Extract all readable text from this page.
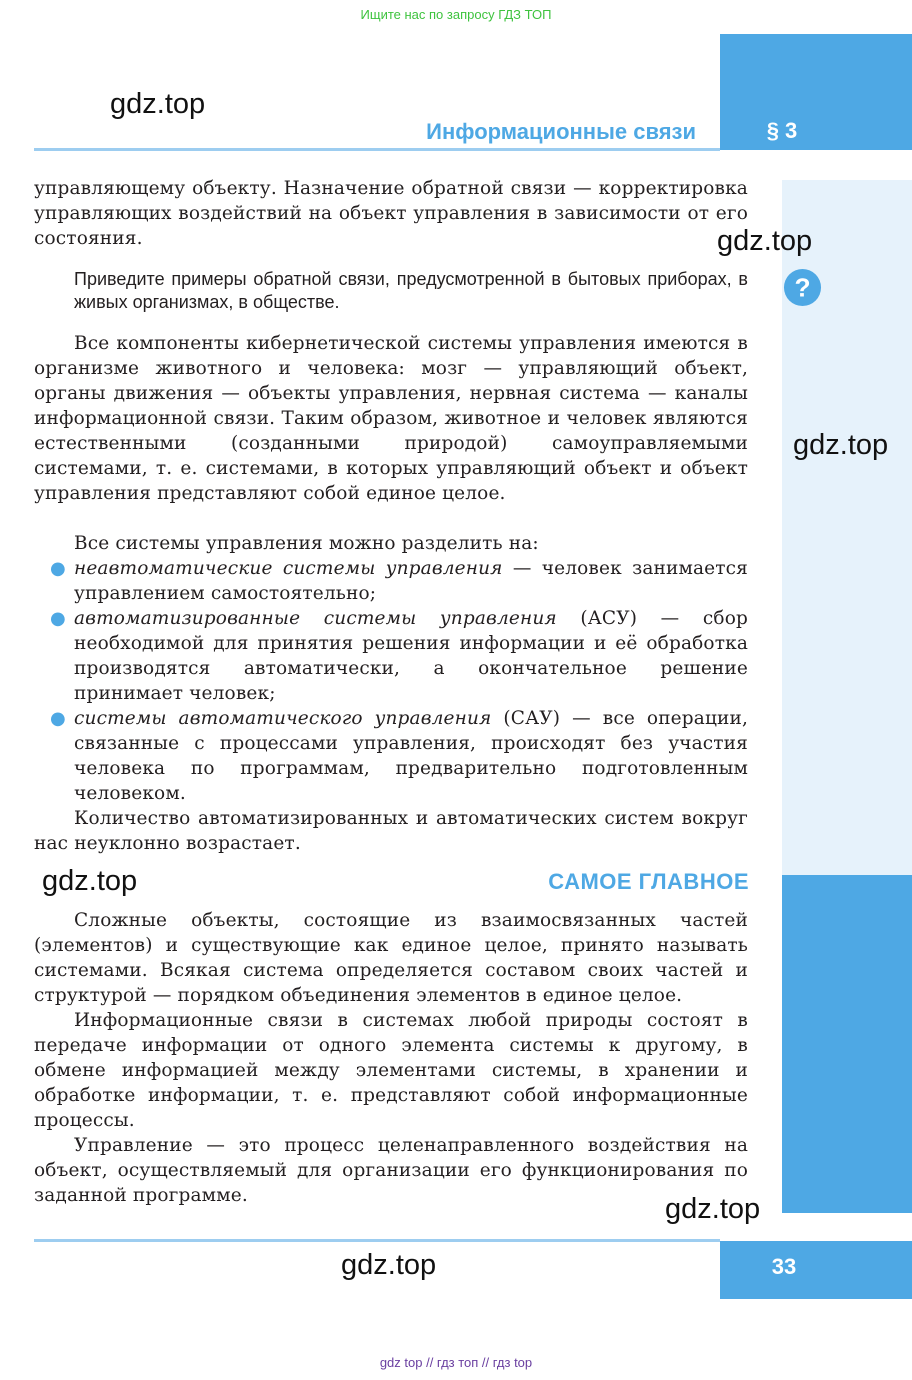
Ищите нас по запросу ГДЗ ТОП
Информационные связи	§ 3
gdz.top
gdz.top
gdz.top
gdz.top
gdz.top
gdz.top
управляющему объекту. Назначение обратной связи — корректировка управляющих воздействий на объект управления в зависимости от его состояния.
Приведите примеры обратной связи, предусмотренной в бытовых приборах, в живых организмах, в обществе.	?
Все компоненты кибернетической системы управления имеются в организме животного и человека: мозг — управляющий объект, органы движения — объекты управления, нервная система — каналы информационной связи. Таким образом, животное и человек являются естественными (созданными природой) самоуправляемыми системами, т. е. системами, в которых управляющий объект и объект управления представляют собой единое целое.
Все системы управления можно разделить на:
● неавтоматические системы управления — человек занимается управлением самостоятельно;
● автоматизированные системы управления (АСУ) — сбор необходимой для принятия решения информации и её обработка производятся автоматически, а окончательное решение принимает человек;
● системы автоматического управления (САУ) — все операции, связанные с процессами управления, происходят без участия человека по программам, предварительно подготовленным человеком.
Количество автоматизированных и автоматических систем вокруг нас неуклонно возрастает.
САМОЕ ГЛАВНОЕ
Сложные объекты, состоящие из взаимосвязанных частей (элементов) и существующие как единое целое, принято называть системами. Всякая система определяется составом своих частей и структурой — порядком объединения элементов в единое целое.
Информационные связи в системах любой природы состоят в передаче информации от одного элемента системы к другому, в обмене информацией между элементами системы, в хранении и обработке информации, т. е. представляют собой информационные процессы.
Управление — это процесс целенаправленного воздействия на объект, осуществляемый для организации его функционирования по заданной программе.
33
gdz top // гдз топ // гдз top
